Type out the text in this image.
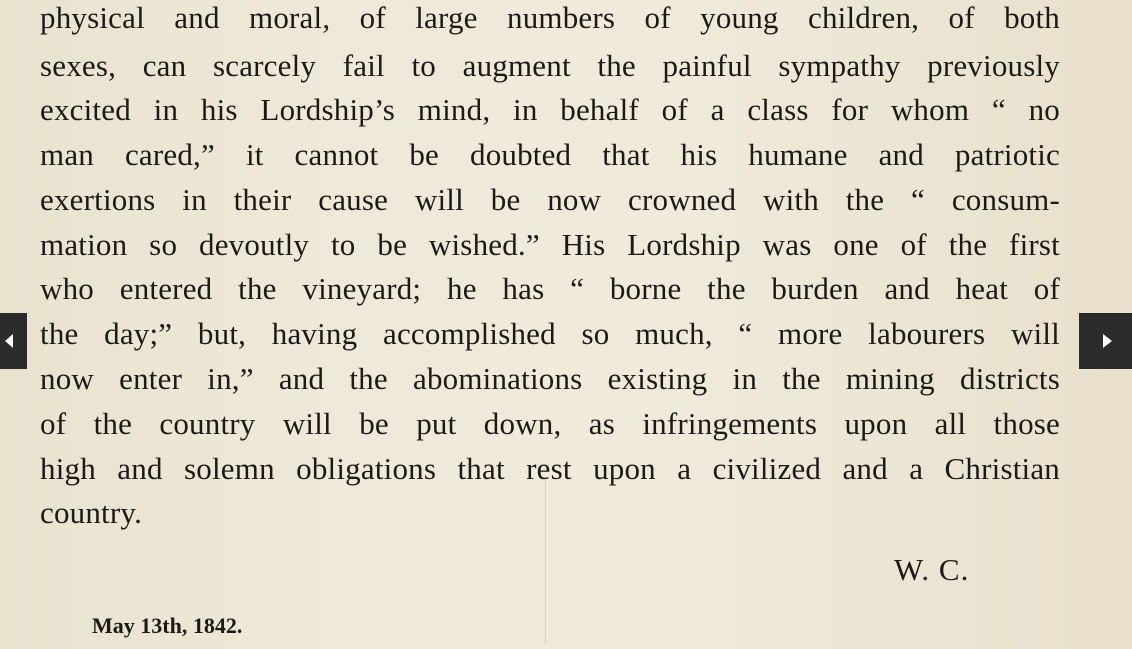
physical and moral, of large numbers of young children, of both
sexes, can scarcely fail to augment the painful sympathy previously
excited in his Lordship’s mind, in behalf of a class for whom “ no
man cared,” it cannot be doubted that his humane and patriotic
exertions in their cause will be now crowned with the “ consum-
mation so devoutly to be wished.” His Lordship was one of the first
who entered the vineyard; he has “ borne the burden and heat of
the day;” but, having accomplished so much, “ more labourers will
now enter in,” and the abominations existing in the mining districts
of the country will be put down, as infringements upon all those
high and solemn obligations that rest upon a civilized and a Christian
country.
W. C.
May 13th, 1842.
